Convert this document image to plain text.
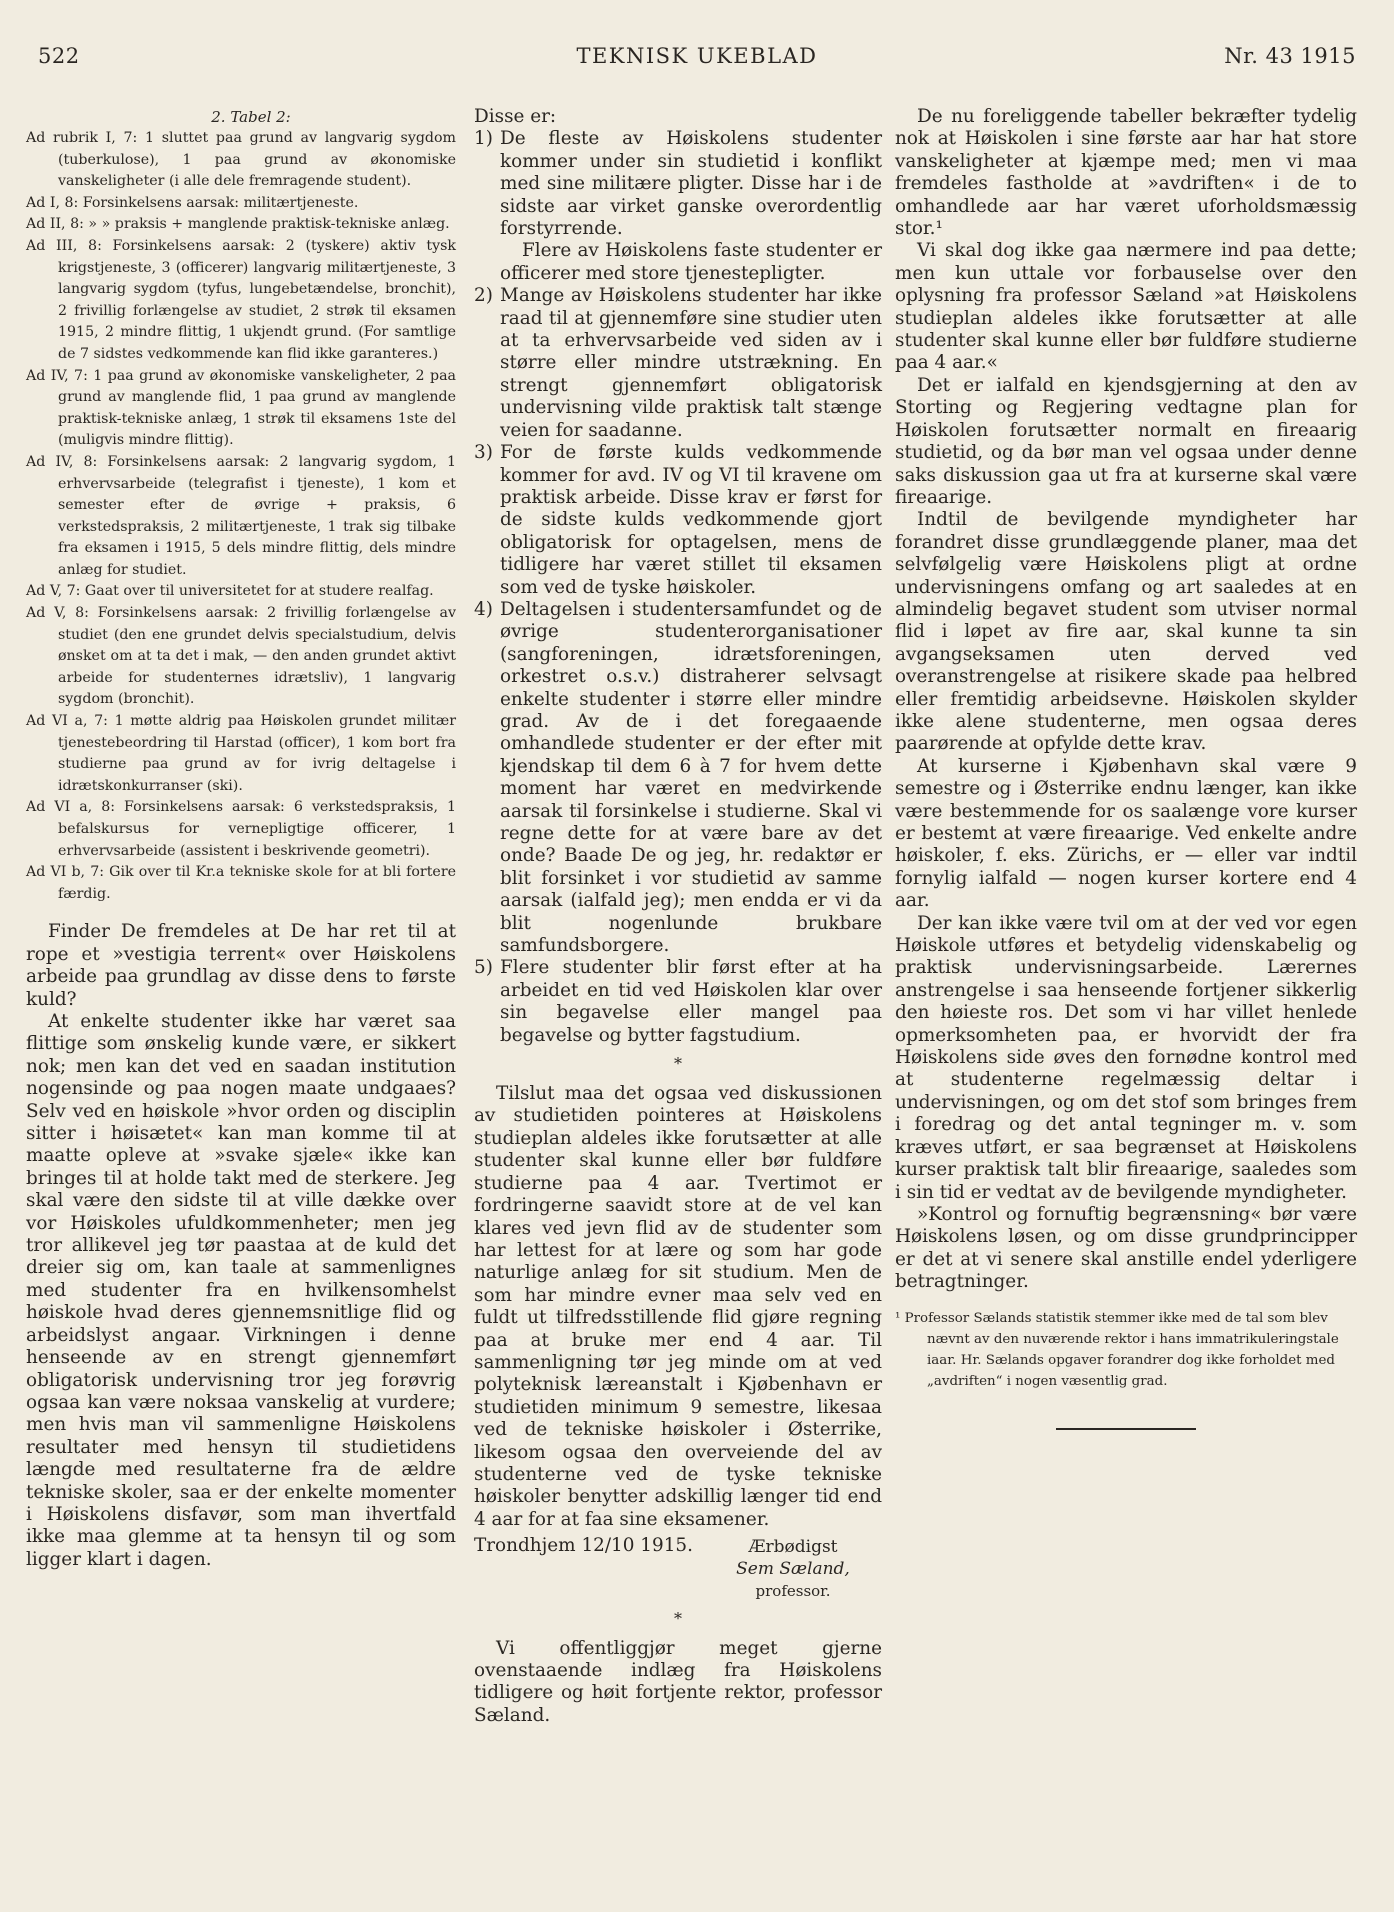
522	TEKNISK UKEBLAD	Nr. 43 1915
2. Tabel 2:
Ad rubrik I, 7: 1 sluttet paa grund av langvarig sygdom (tuberkulose), 1 paa grund av økonomiske vanskeligheter (i alle dele fremragende student).
Ad I, 8: Forsinkelsens aarsak: militærtjeneste.
Ad II, 8: » » praksis + manglende praktisk-tekniske anlæg.
Ad III, 8: Forsinkelsens aarsak: 2 (tyskere) aktiv tysk krigstjeneste, 3 (officerer) langvarig militærtjeneste, 3 langvarig sygdom (tyfus, lungebetændelse, bronchit), 2 frivillig forlængelse av studiet, 2 strøk til eksamen 1915, 2 mindre flittig, 1 ukjendt grund. (For samtlige de 7 sidstes vedkommende kan flid ikke garanteres.)
Ad IV, 7: 1 paa grund av økonomiske vanskeligheter, 2 paa grund av manglende flid, 1 paa grund av manglende praktisk-tekniske anlæg, 1 strøk til eksamens 1ste del (muligvis mindre flittig).
Ad IV, 8: Forsinkelsens aarsak: 2 langvarig sygdom, 1 erhvervsarbeide (telegrafist i tjeneste), 1 kom et semester efter de øvrige + praksis, 6 verkstedspraksis, 2 militærtjeneste, 1 trak sig tilbake fra eksamen i 1915, 5 dels mindre flittig, dels mindre anlæg for studiet.
Ad V, 7: Gaat over til universitetet for at studere realfag.
Ad V, 8: Forsinkelsens aarsak: 2 frivillig forlængelse av studiet (den ene grundet delvis specialstudium, delvis ønsket om at ta det i mak, — den anden grundet aktivt arbeide for studenternes idrætsliv), 1 langvarig sygdom (bronchit).
Ad VI a, 7: 1 møtte aldrig paa Høiskolen grundet militær tjenestebeordring til Harstad (officer), 1 kom bort fra studierne paa grund av for ivrig deltagelse i idrætskonkurranser (ski).
Ad VI a, 8: Forsinkelsens aarsak: 6 verkstedspraksis, 1 befalskursus for vernepligtige officerer, 1 erhvervsarbeide (assistent i beskrivende geometri).
Ad VI b, 7: Gik over til Kr.a tekniske skole for at bli fortere færdig.

Finder De fremdeles at De har ret til at rope et »vestigia terrent« over Høiskolens arbeide paa grundlag av disse dens to første kuld?

At enkelte studenter ikke har været saa flittige som ønskelig kunde være, er sikkert nok; men kan det ved en saadan institution nogensinde og paa nogen maate undgaaes? Selv ved en høiskole »hvor orden og disciplin sitter i høisætet« kan man komme til at maatte opleve at »svake sjæle« ikke kan bringes til at holde takt med de sterkere. Jeg skal være den sidste til at ville dække over vor Høiskoles ufuldkommenheter; men jeg tror allikevel jeg tør paastaa at de kuld det dreier sig om, kan taale at sammenlignes med studenter fra en hvilkensomhelst høiskole hvad deres gjennemsnitlige flid og arbeidslyst angaar. Virkningen i denne henseende av en strengt gjennemført obligatorisk undervisning tror jeg forøvrig ogsaa kan være noksaa vanskelig at vurdere; men hvis man vil sammenligne Høiskolens resultater med hensyn til studietidens længde med resultaterne fra de ældre tekniske skoler, saa er der enkelte momenter i Høiskolens disfavør, som man ihvertfald ikke maa glemme at ta hensyn til og som ligger klart i dagen.

Disse er:

1) De fleste av Høiskolens studenter kommer under sin studietid i konflikt med sine militære pligter. Disse har i de sidste aar virket ganske overordentlig forstyrrende.

Flere av Høiskolens faste studenter er officerer med store tjenestepligter.

2) Mange av Høiskolens studenter har ikke raad til at gjennemføre sine studier uten at ta erhvervsarbeide ved siden av i større eller mindre utstrækning. En strengt gjennemført obligatorisk undervisning vilde praktisk talt stænge veien for saadanne.

3) For de første kulds vedkommende kommer for avd. IV og VI til kravene om praktisk arbeide. Disse krav er først for de sidste kulds vedkommende gjort obligatorisk for optagelsen, mens de tidligere har været stillet til eksamen som ved de tyske høiskoler.

4) Deltagelsen i studentersamfundet og de øvrige studenterorganisationer (sangforeningen, idrætsforeningen, orkestret o.s.v.) distraherer selvsagt enkelte studenter i større eller mindre grad. Av de i det foregaaende omhandlede studenter er der efter mit kjendskap til dem 6 à 7 for hvem dette moment har været en medvirkende aarsak til forsinkelse i studierne. Skal vi regne dette for at være bare av det onde? Baade De og jeg, hr. redaktør er blit forsinket i vor studietid av samme aarsak (ialfald jeg); men endda er vi da blit nogenlunde brukbare samfundsborgere.

5) Flere studenter blir først efter at ha arbeidet en tid ved Høiskolen klar over sin begavelse eller mangel paa begavelse og bytter fagstudium.

*

Tilslut maa det ogsaa ved diskussionen av studietiden pointeres at Høiskolens studieplan aldeles ikke forutsætter at alle studenter skal kunne eller bør fuldføre studierne paa 4 aar. Tvertimot er fordringerne saavidt store at de vel kan klares ved jevn flid av de studenter som har lettest for at lære og som har gode naturlige anlæg for sit studium. Men de som har mindre evner maa selv ved en fuldt ut tilfredsstillende flid gjøre regning paa at bruke mer end 4 aar. Til sammenligning tør jeg minde om at ved polyteknisk læreanstalt i Kjøbenhavn er studietiden minimum 9 semestre, likesaa ved de tekniske høiskoler i Østerrike, likesom ogsaa den overveiende del av studenterne ved de tyske tekniske høiskoler benytter adskillig længer tid end 4 aar for at faa sine eksamener.

Trondhjem 12/10 1915.	Ærbødigst
Sem Sæland,
professor.
*

Vi offentliggjør meget gjerne ovenstaaende indlæg fra Høiskolens tidligere og høit fortjente rektor, professor Sæland.

De nu foreliggende tabeller bekræfter tydelig nok at Høiskolen i sine første aar har hat store vanskeligheter at kjæmpe med; men vi maa fremdeles fastholde at »avdriften« i de to omhandlede aar har været uforholdsmæssig stor.¹

Vi skal dog ikke gaa nærmere ind paa dette; men kun uttale vor forbauselse over den oplysning fra professor Sæland »at Høiskolens studieplan aldeles ikke forutsætter at alle studenter skal kunne eller bør fuldføre studierne paa 4 aar.«

Det er ialfald en kjendsgjerning at den av Storting og Regjering vedtagne plan for Høiskolen forutsætter normalt en fireaarig studietid, og da bør man vel ogsaa under denne saks diskussion gaa ut fra at kurserne skal være fireaarige.

Indtil de bevilgende myndigheter har forandret disse grundlæggende planer, maa det selvfølgelig være Høiskolens pligt at ordne undervisningens omfang og art saaledes at en almindelig begavet student som utviser normal flid i løpet av fire aar, skal kunne ta sin avgangseksamen uten derved ved overanstrengelse at risikere skade paa helbred eller fremtidig arbeidsevne. Høiskolen skylder ikke alene studenterne, men ogsaa deres paarørende at opfylde dette krav.

At kurserne i Kjøbenhavn skal være 9 semestre og i Østerrike endnu længer, kan ikke være bestemmende for os saalænge vore kurser er bestemt at være fireaarige. Ved enkelte andre høiskoler, f. eks. Zürichs, er — eller var indtil fornylig ialfald — nogen kurser kortere end 4 aar.

Der kan ikke være tvil om at der ved vor egen Høiskole utføres et betydelig videnskabelig og praktisk undervisningsarbeide. Lærernes anstrengelse i saa henseende fortjener sikkerlig den høieste ros. Det som vi har villet henlede opmerksomheten paa, er hvorvidt der fra Høiskolens side øves den fornødne kontrol med at studenterne regelmæssig deltar i undervisningen, og om det stof som bringes frem i foredrag og det antal tegninger m. v. som kræves utført, er saa begrænset at Høiskolens kurser praktisk talt blir fireaarige, saaledes som i sin tid er vedtat av de bevilgende myndigheter.

»Kontrol og fornuftig begrænsning« bør være Høiskolens løsen, og om disse grundprincipper er det at vi senere skal anstille endel yderligere betragtninger.

¹ Professor Sælands statistik stemmer ikke med de tal som blev nævnt av den nuværende rektor i hans immatrikuleringstale iaar. Hr. Sælands opgaver forandrer dog ikke forholdet med „avdriften“ i nogen væsentlig grad.
